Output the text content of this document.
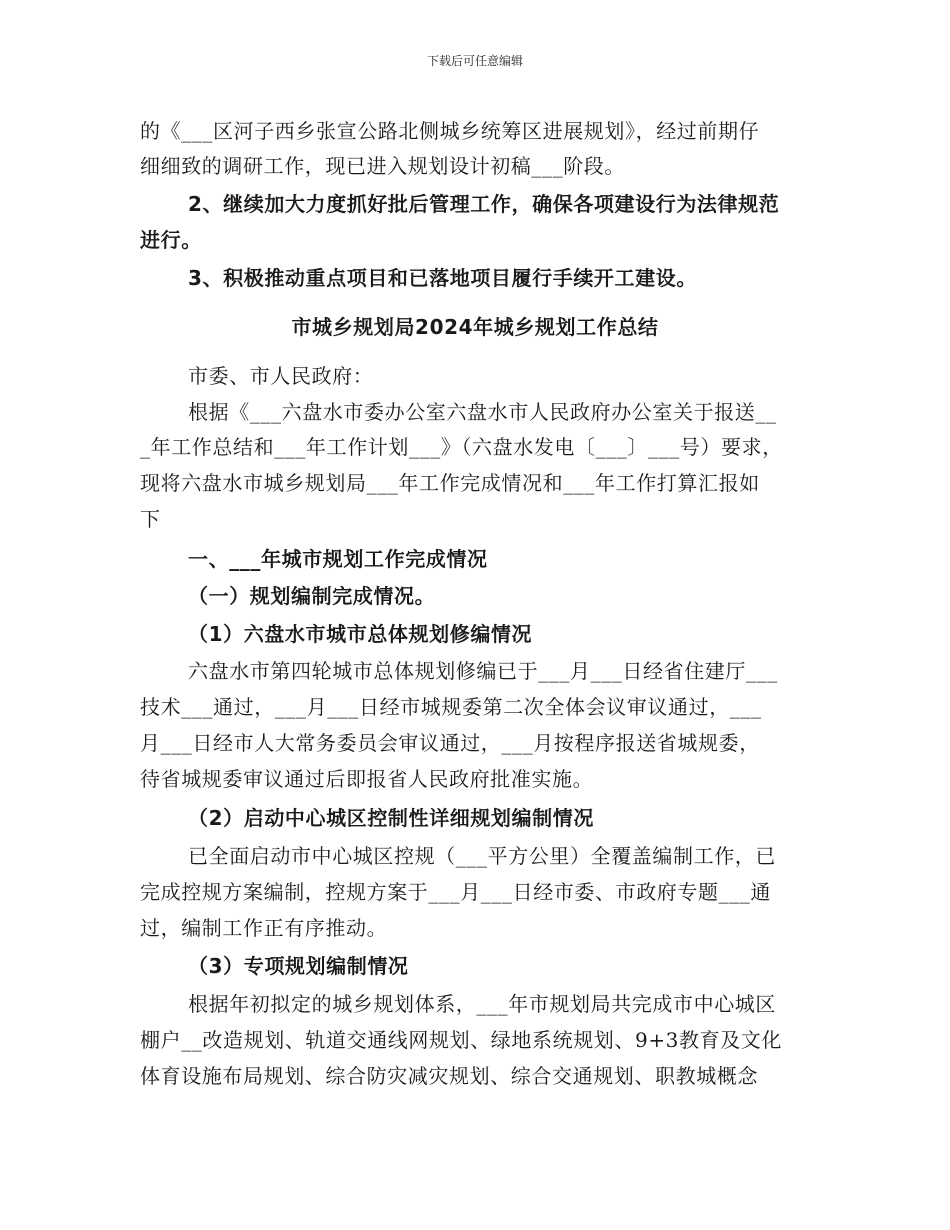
下载后可任意编辑
的《___区河子西乡张宣公路北侧城乡统筹区进展规划》，经过前期仔
细细致的调研工作，现已进入规划设计初稿___阶段。
2、继续加大力度抓好批后管理工作，确保各项建设行为法律规范
进行。
3、积极推动重点项目和已落地项目履行手续开工建设。
市城乡规划局2024年城乡规划工作总结
市委、市人民政府：
根据《___六盘水市委办公室六盘水市人民政府办公室关于报送__
_年工作总结和___年工作计划___》（六盘水发电〔___〕___号）要求，
现将六盘水市城乡规划局___年工作完成情况和___年工作打算汇报如
下
一、___年城市规划工作完成情况
（一）规划编制完成情况。
（1）六盘水市城市总体规划修编情况
六盘水市第四轮城市总体规划修编已于___月___日经省住建厅___
技术___通过，___月___日经市城规委第二次全体会议审议通过，___
月___日经市人大常务委员会审议通过，___月按程序报送省城规委，
待省城规委审议通过后即报省人民政府批准实施。
（2）启动中心城区控制性详细规划编制情况
已全面启动市中心城区控规（___平方公里）全覆盖编制工作，已
完成控规方案编制，控规方案于___月___日经市委、市政府专题___通
过，编制工作正有序推动。
（3）专项规划编制情况
根据年初拟定的城乡规划体系，___年市规划局共完成市中心城区
棚户__改造规划、轨道交通线网规划、绿地系统规划、9+3教育及文化
体育设施布局规划、综合防灾减灾规划、综合交通规划、职教城概念
